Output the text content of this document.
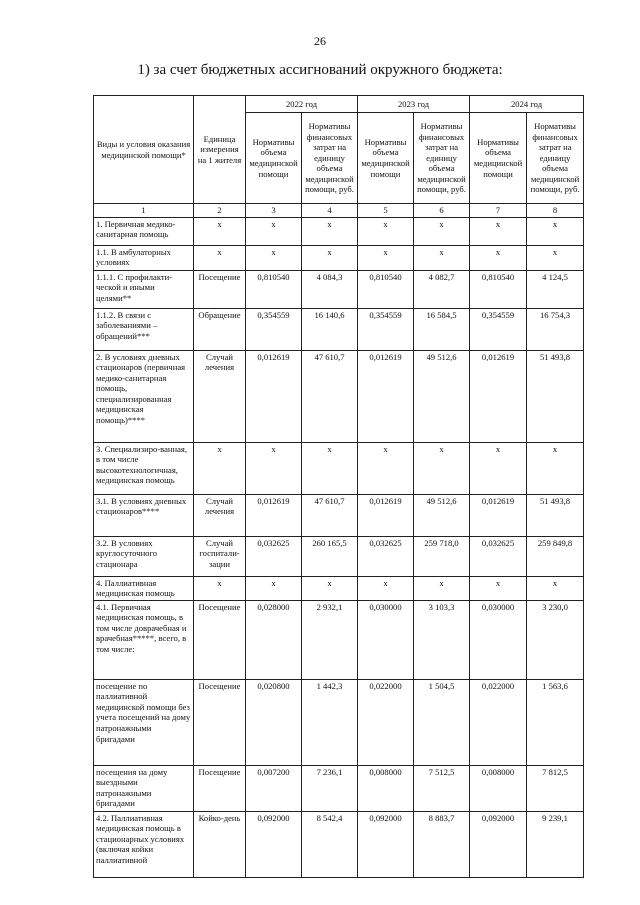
26
1) за счет бюджетных ассигнований окружного бюджета:
Виды и условия оказания медицинской помощи*	Единица измерения на 1 жителя	2022 год		2023 год		2024 год	
		Нормативы объема медицинской помощи	Нормативы финансовых затрат на единицу объема медицинской помощи, руб.	Нормативы объема медицинской помощи	Нормативы финансовых затрат на единицу объема медицинской помощи, руб.	Нормативы объема медицинской помощи	Нормативы финансовых затрат на единицу объема медицинской помощи, руб.
1	2	3	4	5	6	7	8
1. Первичная медико-санитарная помощь	x	x	x	x	x	x	x
1.1. В амбулаторных условиях	x	x	x	x	x	x	x
1.1.1. С профилакти-ческой и иными целями**	Посещение	0,810540	4 084,3	0,810540	4 082,7	0,810540	4 124,5
1.1.2. В связи с заболеваниями – обращений***	Обращение	0,354559	16 140,6	0,354559	16 584,5	0,354559	16 754,3
2. В условиях дневных стационаров (первичная медико-санитарная помощь, специализированная медицинская помощь)****	Случай лечения	0,012619	47 610,7	0,012619	49 512,6	0,012619	51 493,8
3. Специализиро-ванная, в том числе высокотехнологичная, медицинская помощь	x	x	x	x	x	x	x
3.1. В условиях дневных стационаров****	Случай лечения	0,012619	47 610,7	0,012619	49 512,6	0,012619	51 493,8
3.2. В условиях круглосуточного стационара	Случай госпитали-зации	0,032625	260 165,5	0,032625	259 718,0	0,032625	259 849,8
4. Паллиативная медицинская помощь	x	x	x	x	x	x	x
4.1. Первичная медицинская помощь, в том числе доврачебная и врачебная*****, всего, в том числе:	Посещение	0,028000	2 932,1	0,030000	3 103,3	0,030000	3 230,0
посещение по паллиативной медицинской помощи без учета посещений на дому патронажными бригадами	Посещение	0,020800	1 442,3	0,022000	1 504,5	0,022000	1 563,6
посещения на дому выездными патронажными бригадами	Посещение	0,007200	7 236,1	0,008000	7 512,5	0,008000	7 812,5
4.2. Паллиативная медицинская помощь в стационарных условиях (включая койки паллиативной	Койко-день	0,092000	8 542,4	0,092000	8 883,7	0,092000	9 239,1
